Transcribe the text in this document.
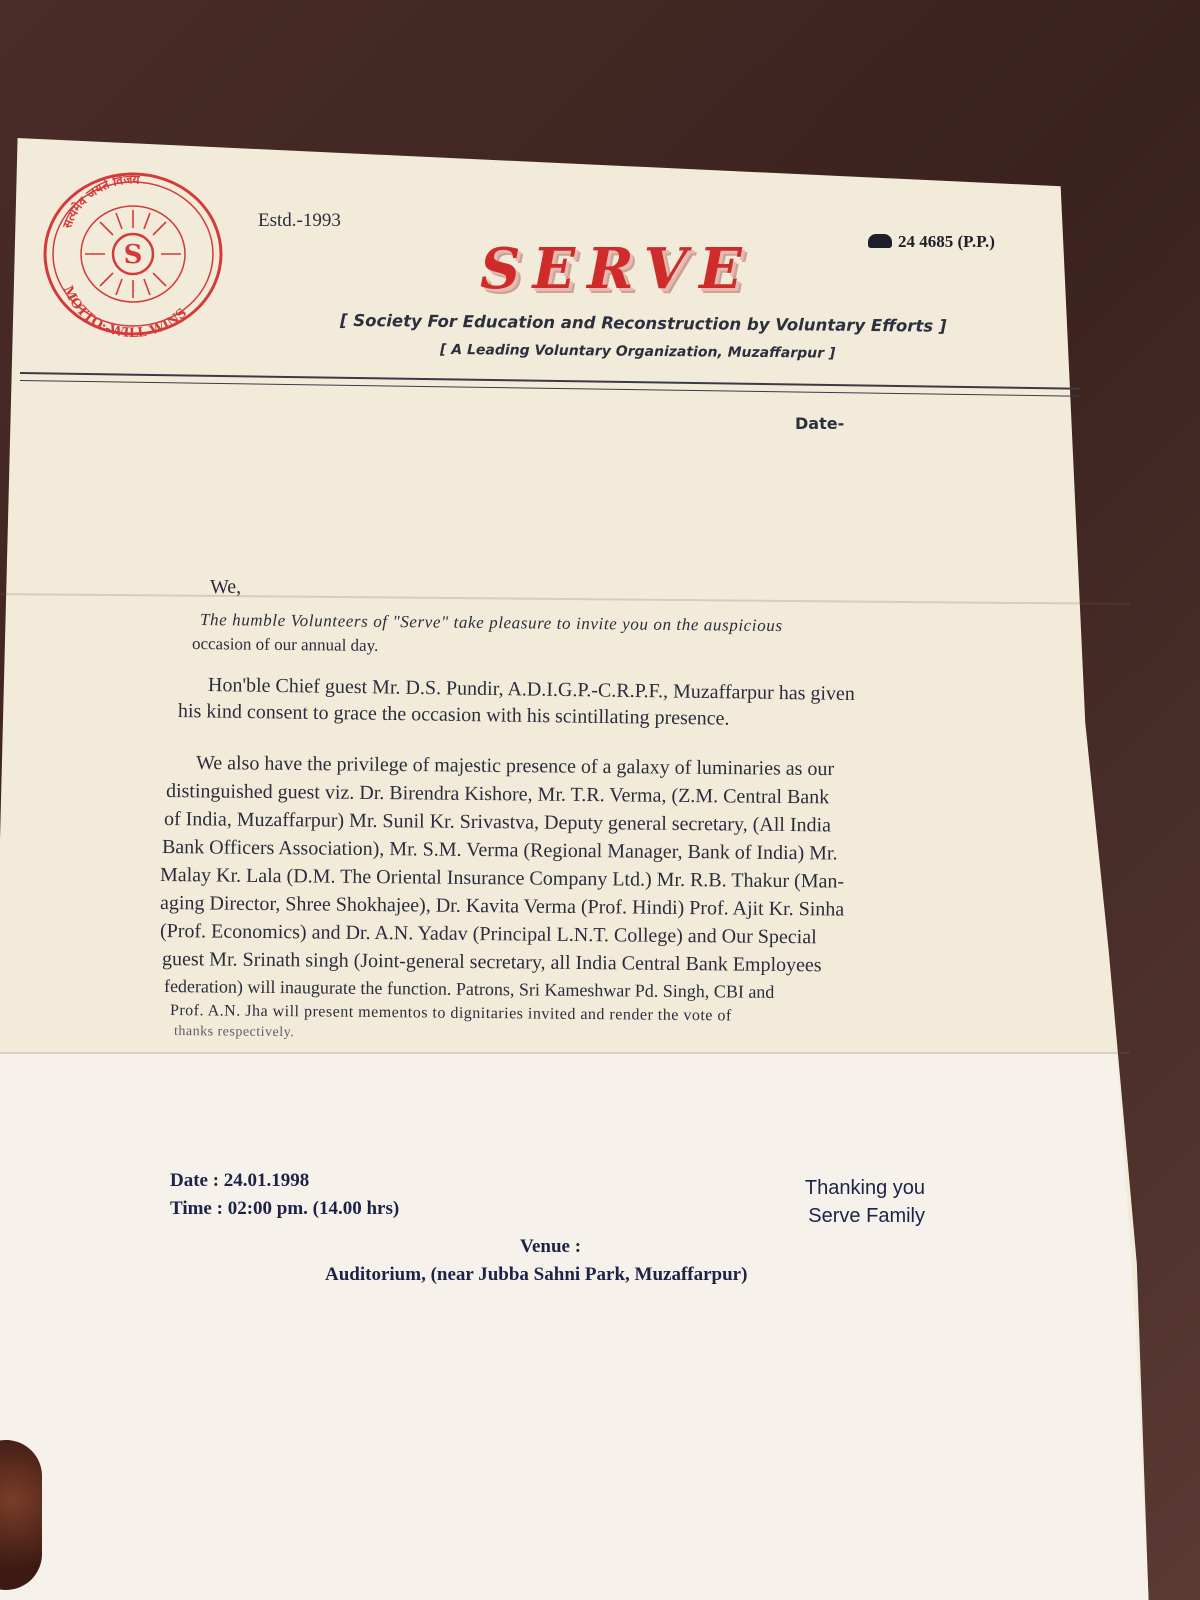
S
सत्यमेव जयते विजय
MOTTO:-WILL WINS
Estd.-1993
24 4685 (P.P.)
SERVE
[ Society For Education and Reconstruction by Voluntary Efforts ]
[ A Leading Voluntary Organization, Muzaffarpur ]
Date-
We,
The humble Volunteers of "Serve" take pleasure to invite you on the auspicious
occasion of our annual day.
Hon'ble Chief guest Mr. D.S. Pundir, A.D.I.G.P.-C.R.P.F., Muzaffarpur has given
his kind consent to grace the occasion with his scintillating presence.
We also have the privilege of majestic presence of a galaxy of luminaries as our
distinguished guest viz. Dr. Birendra Kishore, Mr. T.R. Verma, (Z.M. Central Bank
of India, Muzaffarpur) Mr. Sunil Kr. Srivastva, Deputy general secretary, (All India
Bank Officers Association), Mr. S.M. Verma (Regional Manager, Bank of India) Mr.
Malay Kr. Lala (D.M. The Oriental Insurance Company Ltd.) Mr. R.B. Thakur (Man-
aging Director, Shree Shokhajee), Dr. Kavita Verma (Prof. Hindi) Prof. Ajit Kr. Sinha
(Prof. Economics) and Dr. A.N. Yadav (Principal L.N.T. College) and Our Special
guest Mr. Srinath singh (Joint-general secretary, all India Central Bank Employees
federation) will inaugurate the function. Patrons, Sri Kameshwar Pd. Singh, CBI and
Prof. A.N. Jha will present mementos to dignitaries invited and render the vote of
thanks respectively.
Date : 24.01.1998
Time : 02:00 pm. (14.00 hrs)
Thanking you
Serve Family
Venue :
Auditorium, (near Jubba Sahni Park, Muzaffarpur)
